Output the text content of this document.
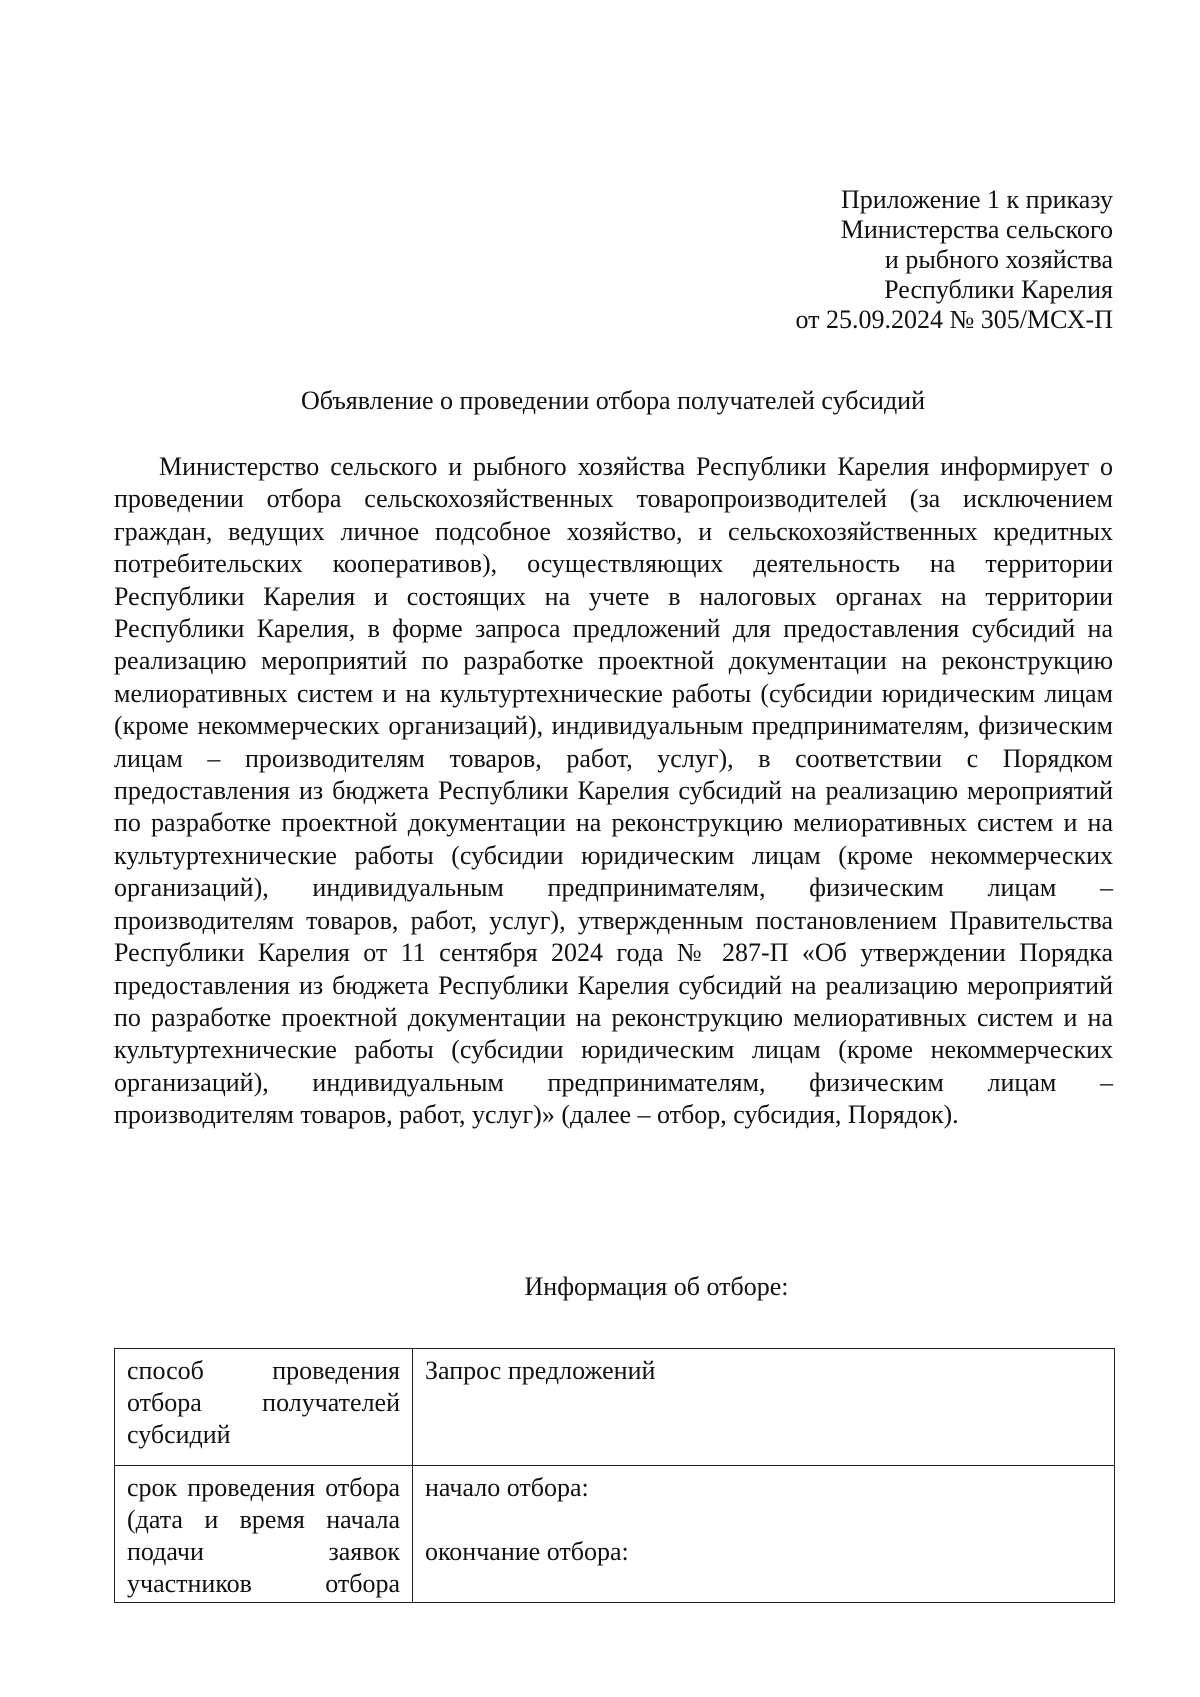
Приложение 1 к приказу
Министерства сельского
и рыбного хозяйства
Республики Карелия
от 25.09.2024 № 305/МСХ-П
Объявление о проведении отбора получателей субсидий

Министерство сельского и рыбного хозяйства Республики Карелия информирует о проведении отбора сельскохозяйственных товаропроизводителей (за исключением граждан, ведущих личное подсобное хозяйство, и сельскохозяйственных кредитных потребительских кооперативов), осуществляющих деятельность на территории Республики Карелия и состоящих на учете в налоговых органах на территории Республики Карелия, в форме запроса предложений для предоставления субсидий на реализацию мероприятий по разработке проектной документации на реконструкцию мелиоративных систем и на культуртехнические работы (субсидии юридическим лицам (кроме некоммерческих организаций), индивидуальным предпринимателям, физическим лицам – производителям товаров, работ, услуг), в соответствии с Порядком предоставления из бюджета Республики Карелия субсидий на реализацию мероприятий по разработке проектной документации на реконструкцию мелиоративных систем и на культуртехнические работы (субсидии юридическим лицам (кроме некоммерческих организаций), индивидуальным предпринимателям, физическим лицам – производителям товаров, работ, услуг), утвержденным постановлением Правительства Республики Карелия от 11 сентября 2024 года № 287-П «Об утверждении Порядка предоставления из бюджета Республики Карелия субсидий на реализацию мероприятий по разработке проектной документации на реконструкцию мелиоративных систем и на культуртехнические работы (субсидии юридическим лицам (кроме некоммерческих организаций), индивидуальным предпринимателям, физическим лицам – производителям товаров, работ, услуг)» (далее – отбор, субсидия, Порядок).

Информация об отборе:
способ проведения отбора получателей субсидий	Запрос предложений

срок проведения отбора (дата и время начала подачи заявок участников отбора	начало отбора:
окончание отбора:
